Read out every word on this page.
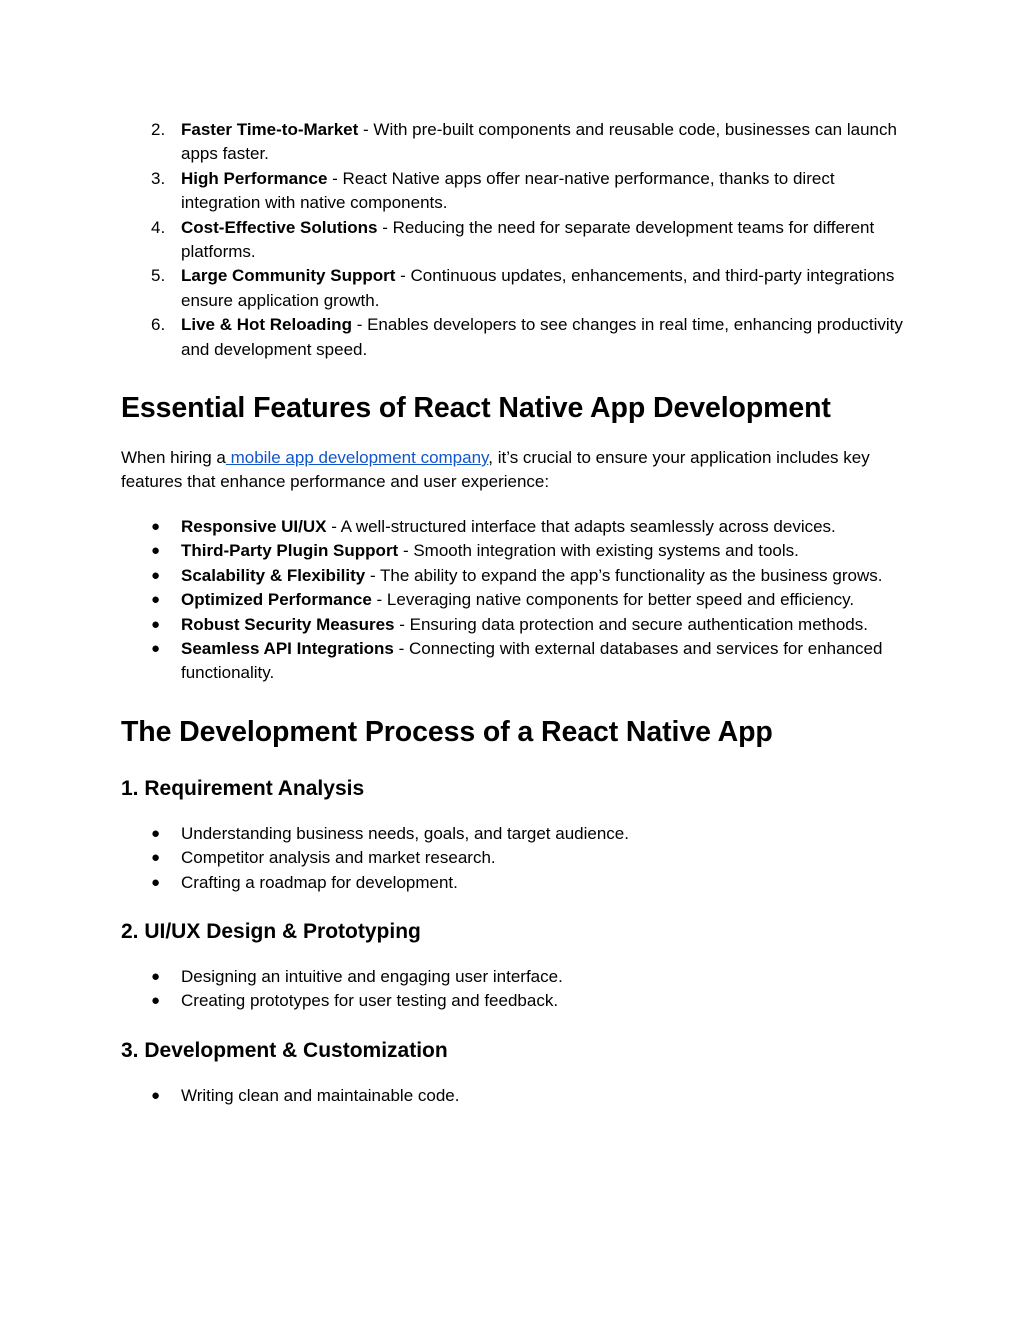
2. Faster Time-to-Market - With pre-built components and reusable code, businesses can launch apps faster.
3. High Performance - React Native apps offer near-native performance, thanks to direct integration with native components.
4. Cost-Effective Solutions - Reducing the need for separate development teams for different platforms.
5. Large Community Support - Continuous updates, enhancements, and third-party integrations ensure application growth.
6. Live & Hot Reloading - Enables developers to see changes in real time, enhancing productivity and development speed.
Essential Features of React Native App Development

When hiring a mobile app development company, it’s crucial to ensure your application includes key features that enhance performance and user experience:

● Responsive UI/UX - A well-structured interface that adapts seamlessly across devices.
● Third-Party Plugin Support - Smooth integration with existing systems and tools.
● Scalability & Flexibility - The ability to expand the app’s functionality as the business grows.
● Optimized Performance - Leveraging native components for better speed and efficiency.
● Robust Security Measures - Ensuring data protection and secure authentication methods.
● Seamless API Integrations - Connecting with external databases and services for enhanced functionality.
The Development Process of a React Native App
1. Requirement Analysis
● Understanding business needs, goals, and target audience.
● Competitor analysis and market research.
● Crafting a roadmap for development.
2. UI/UX Design & Prototyping
● Designing an intuitive and engaging user interface.
● Creating prototypes for user testing and feedback.
3. Development & Customization
● Writing clean and maintainable code.
